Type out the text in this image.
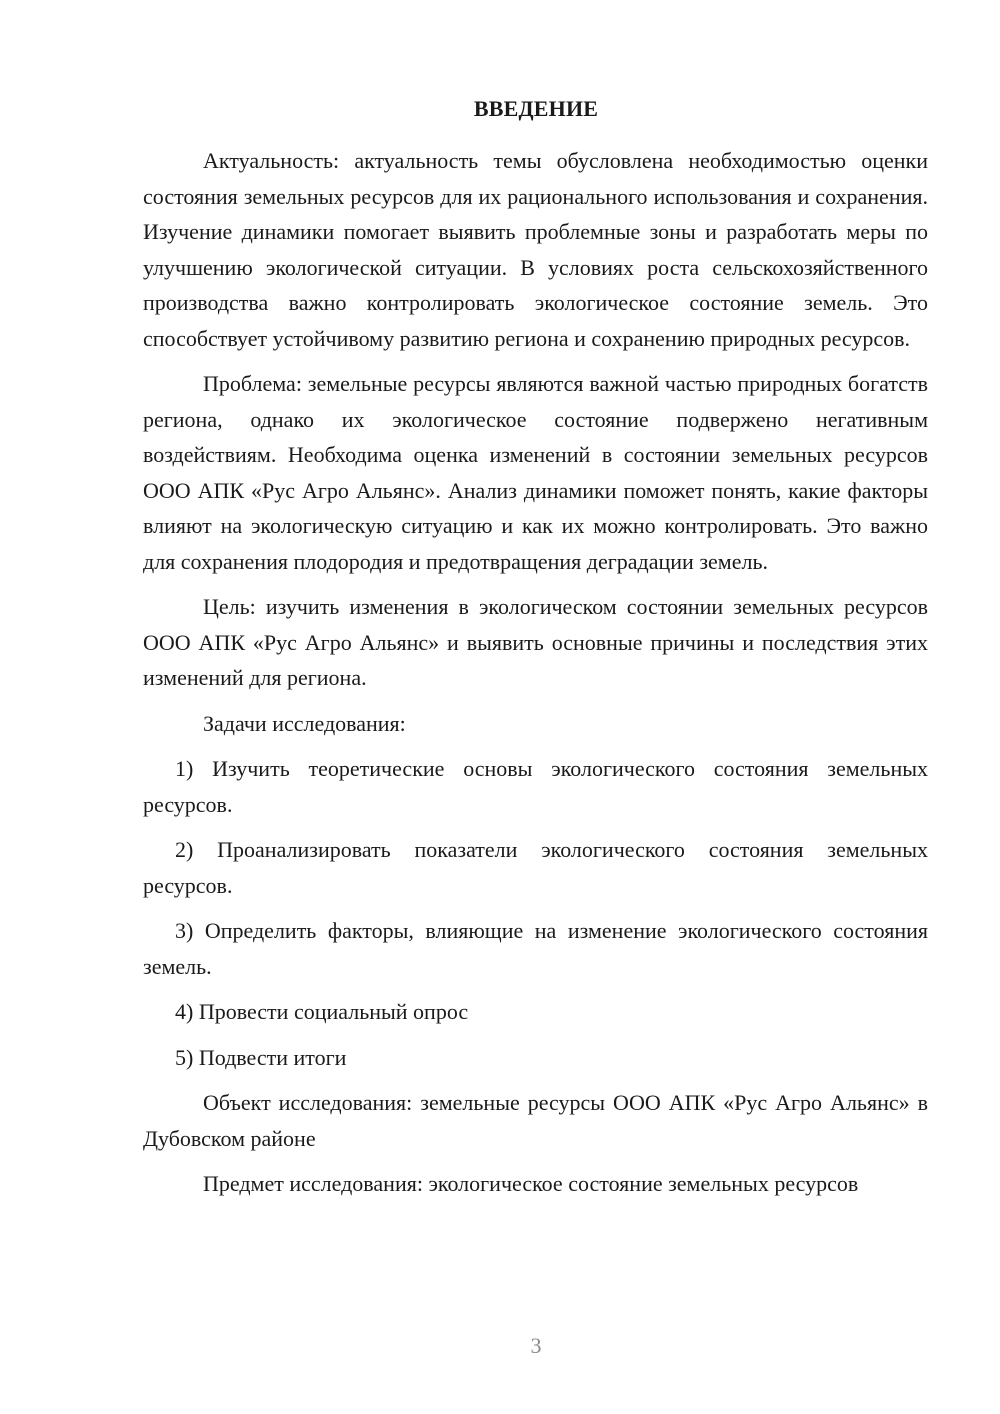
ВВЕДЕНИЕ

Актуальность: актуальность темы обусловлена необходимостью оценки состояния земельных ресурсов для их рационального использования и сохранения. Изучение динамики помогает выявить проблемные зоны и разработать меры по улучшению экологической ситуации. В условиях роста сельскохозяйственного производства важно контролировать экологическое состояние земель. Это способствует устойчивому развитию региона и сохранению природных ресурсов.

Проблема: земельные ресурсы являются важной частью природных богатств региона, однако их экологическое состояние подвержено негативным воздействиям. Необходима оценка изменений в состоянии земельных ресурсов ООО АПК «Рус Агро Альянс». Анализ динамики поможет понять, какие факторы влияют на экологическую ситуацию и как их можно контролировать. Это важно для сохранения плодородия и предотвращения деградации земель.

Цель: изучить изменения в экологическом состоянии земельных ресурсов ООО АПК «Рус Агро Альянс» и выявить основные причины и последствия этих изменений для региона.

Задачи исследования:

1) Изучить теоретические основы экологического состояния земельных ресурсов.

2) Проанализировать показатели экологического состояния земельных ресурсов.

3) Определить факторы, влияющие на изменение экологического состояния земель.

4) Провести социальный опрос

5) Подвести итоги

Объект исследования: земельные ресурсы ООО АПК «Рус Агро Альянс» в Дубовском районе

Предмет исследования: экологическое состояние земельных ресурсов

3
